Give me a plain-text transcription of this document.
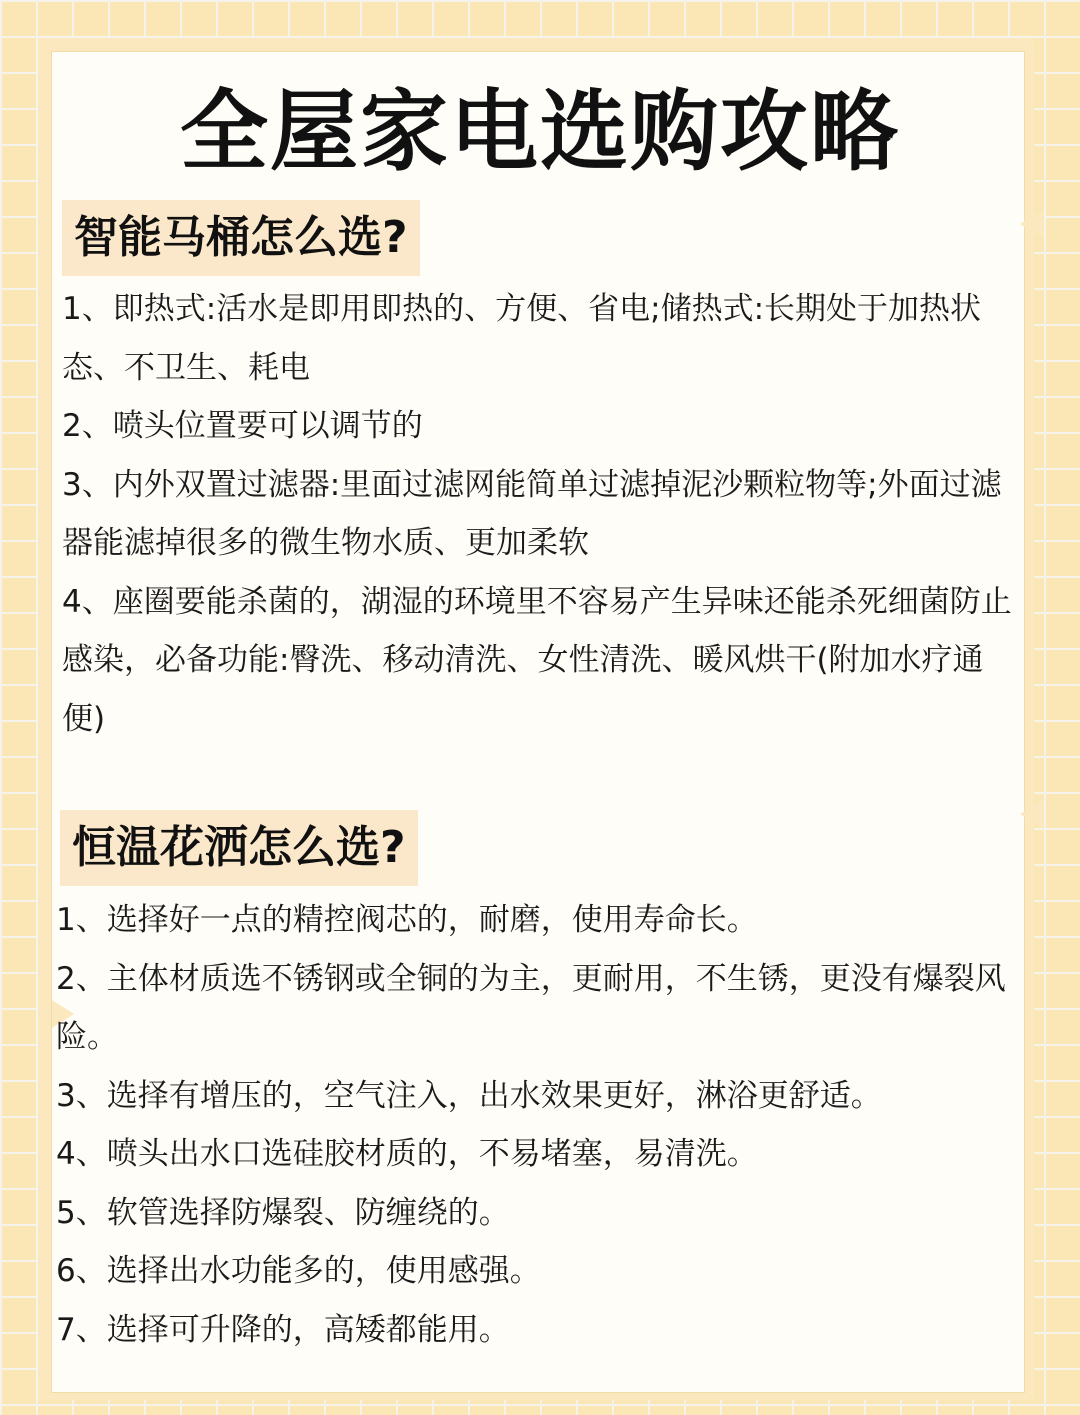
全屋家电选购攻略
智能马桶怎么选?
1、即热式:活水是即用即热的、方便、省电;储热式:长期处于加热状态、不卫生、耗电
2、喷头位置要可以调节的
3、内外双置过滤器:里面过滤网能简单过滤掉泥沙颗粒物等;外面过滤器能滤掉很多的微生物水质、更加柔软
4、座圈要能杀菌的，湖湿的环境里不容易产生异味还能杀死细菌防止感染，必备功能:臀洗、移动清洗、女性清洗、暖风烘干(附加水疗通便)
恒温花洒怎么选?
1、选择好一点的精控阀芯的，耐磨，使用寿命长。
2、主体材质选不锈钢或全铜的为主，更耐用，不生锈，更没有爆裂风险。
3、选择有增压的，空气注入，出水效果更好，淋浴更舒适。
4、喷头出水口选硅胶材质的，不易堵塞，易清洗。
5、软管选择防爆裂、防缠绕的。
6、选择出水功能多的，使用感强。
7、选择可升降的，高矮都能用。
